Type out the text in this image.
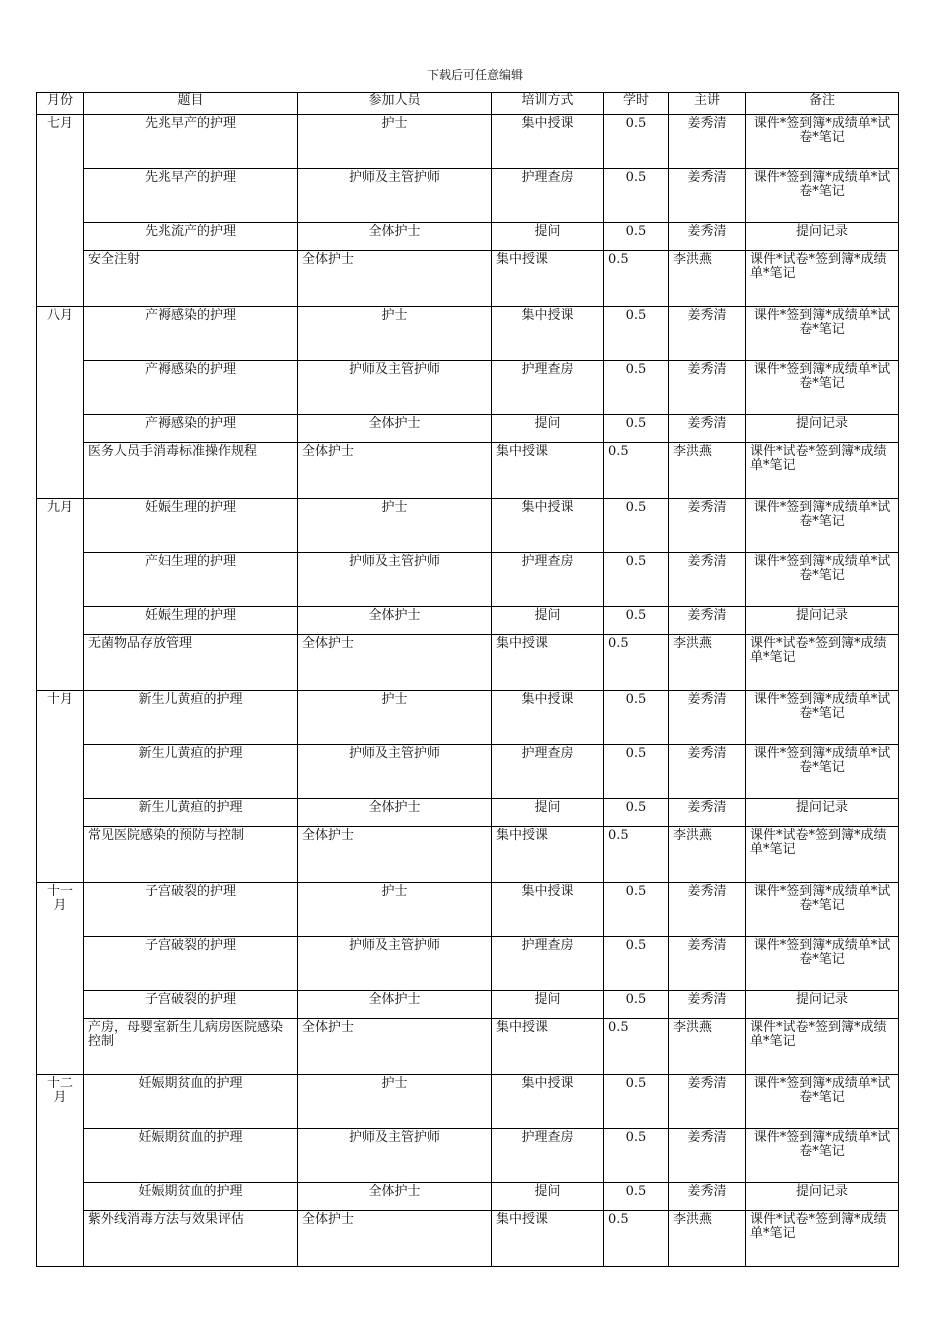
下载后可任意编辑
月份	题目	参加人员	培训方式	学时	主讲	备注
七月	先兆早产的护理	护士	集中授课	0.5	姜秀清	课件*签到簿*成绩单*试卷*笔记
	先兆早产的护理	护师及主管护师	护理查房	0.5	姜秀清	课件*签到簿*成绩单*试卷*笔记
	先兆流产的护理	全体护士	提问	0.5	姜秀清	提问记录
	安全注射	全体护士	集中授课	0.5	李洪燕	课件*试卷*签到簿*成绩单*笔记
八月	产褥感染的护理	护士	集中授课	0.5	姜秀清	课件*签到簿*成绩单*试卷*笔记
	产褥感染的护理	护师及主管护师	护理查房	0.5	姜秀清	课件*签到簿*成绩单*试卷*笔记
	产褥感染的护理	全体护士	提问	0.5	姜秀清	提问记录
	医务人员手消毒标准操作规程	全体护士	集中授课	0.5	李洪燕	课件*试卷*签到簿*成绩单*笔记
九月	妊娠生理的护理	护士	集中授课	0.5	姜秀清	课件*签到簿*成绩单*试卷*笔记
	产妇生理的护理	护师及主管护师	护理查房	0.5	姜秀清	课件*签到簿*成绩单*试卷*笔记
	妊娠生理的护理	全体护士	提问	0.5	姜秀清	提问记录
	无菌物品存放管理	全体护士	集中授课	0.5	李洪燕	课件*试卷*签到簿*成绩单*笔记
十月	新生儿黄疸的护理	护士	集中授课	0.5	姜秀清	课件*签到簿*成绩单*试卷*笔记
	新生儿黄疸的护理	护师及主管护师	护理查房	0.5	姜秀清	课件*签到簿*成绩单*试卷*笔记
	新生儿黄疸的护理	全体护士	提问	0.5	姜秀清	提问记录
	常见医院感染的预防与控制	全体护士	集中授课	0.5	李洪燕	课件*试卷*签到簿*成绩单*笔记
十一月	子宫破裂的护理	护士	集中授课	0.5	姜秀清	课件*签到簿*成绩单*试卷*笔记
	子宫破裂的护理	护师及主管护师	护理查房	0.5	姜秀清	课件*签到簿*成绩单*试卷*笔记
	子宫破裂的护理	全体护士	提问	0.5	姜秀清	提问记录
	产房，母婴室新生儿病房医院感染控制	全体护士	集中授课	0.5	李洪燕	课件*试卷*签到簿*成绩单*笔记
十二月	妊娠期贫血的护理	护士	集中授课	0.5	姜秀清	课件*签到簿*成绩单*试卷*笔记
	妊娠期贫血的护理	护师及主管护师	护理查房	0.5	姜秀清	课件*签到簿*成绩单*试卷*笔记
	妊娠期贫血的护理	全体护士	提问	0.5	姜秀清	提问记录
	紫外线消毒方法与效果评估	全体护士	集中授课	0.5	李洪燕	课件*试卷*签到簿*成绩单*笔记
